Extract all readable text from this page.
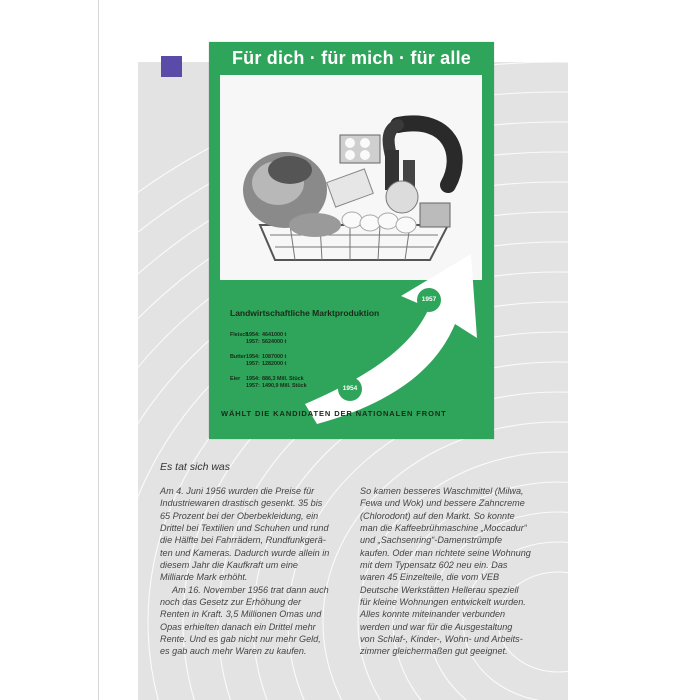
Für dich · für mich · für alle
1954
1957
Landwirtschaftliche Marktproduktion
Fleisch
1954: 4641000 t
1957: 5624000 t
Butter 1954: 1087000 t
1957: 1282000 t
Eier	1954: 886,3 Mill. Stück
1957: 1490,9 Mill. Stück
WÄHLT DIE KANDIDATEN DER NATIONALEN FRONT
Es tat sich was

Am 4. Juni 1956 wurden die Preise für

Industriewaren drastisch gesenkt. 35 bis

65 Prozent bei der Oberbekleidung, ein

Drittel bei Textilien und Schuhen und rund

die Hälfte bei Fahrrädern, Rundfunkgerä-

ten und Kameras. Dadurch wurde allein in

diesem Jahr die Kaufkraft um eine

Milliarde Mark erhöht.

Am 16. November 1956 trat dann auch

noch das Gesetz zur Erhöhung der

Renten in Kraft. 3,5 Millionen Omas und

Opas erhielten danach ein Drittel mehr

Rente. Und es gab nicht nur mehr Geld,

es gab auch mehr Waren zu kaufen.

So kamen besseres Waschmittel (Milwa,

Fewa und Wok) und bessere Zahncreme

(Chlorodont) auf den Markt. So konnte

man die Kaffeebrühmaschine „Moccadur“

und „Sachsenring“-Damenstrümpfe

kaufen. Oder man richtete seine Wohnung

mit dem Typensatz 602 neu ein. Das

waren 45 Einzelteile, die vom VEB

Deutsche Werkstätten Hellerau speziell

für kleine Wohnungen entwickelt wurden.

Alles konnte miteinander verbunden

werden und war für die Ausgestaltung

von Schlaf-, Kinder-, Wohn- und Arbeits-

zimmer gleichermaßen gut geeignet.
